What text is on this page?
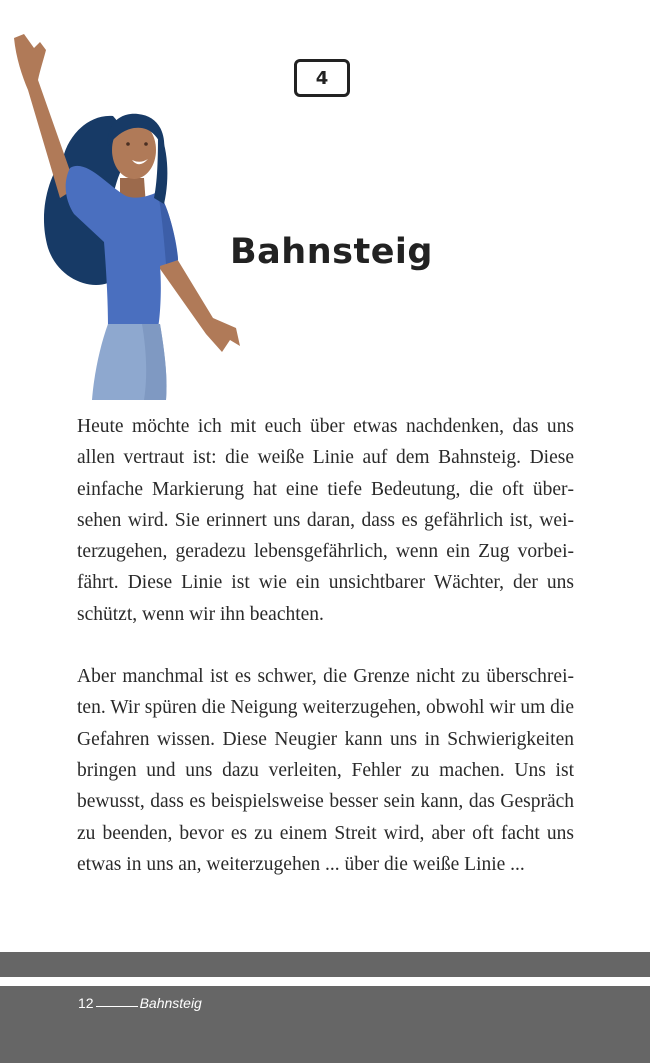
4
Bahnsteig

Heute möchte ich mit euch über etwas nachdenken, das uns allen vertraut ist: die weiße Linie auf dem Bahnsteig. Diese einfache Markierung hat eine tiefe Bedeutung, die oft übersehen wird. Sie erinnert uns daran, dass es gefährlich ist, weiterzugehen, geradezu lebensgefährlich, wenn ein Zug vorbeifährt. Diese Linie ist wie ein unsichtbarer Wächter, der uns schützt, wenn wir ihn beachten.

Aber manchmal ist es schwer, die Grenze nicht zu überschreiten. Wir spüren die Neigung weiterzugehen, obwohl wir um die Gefahren wissen. Diese Neugier kann uns in Schwierigkeiten bringen und uns dazu verleiten, Fehler zu machen. Uns ist bewusst, dass es beispielsweise besser sein kann, das Gespräch zu beenden, bevor es zu einem Streit wird, aber oft facht uns etwas in uns an, weiterzugehen ... über die weiße Linie ...

12	Bahnsteig
